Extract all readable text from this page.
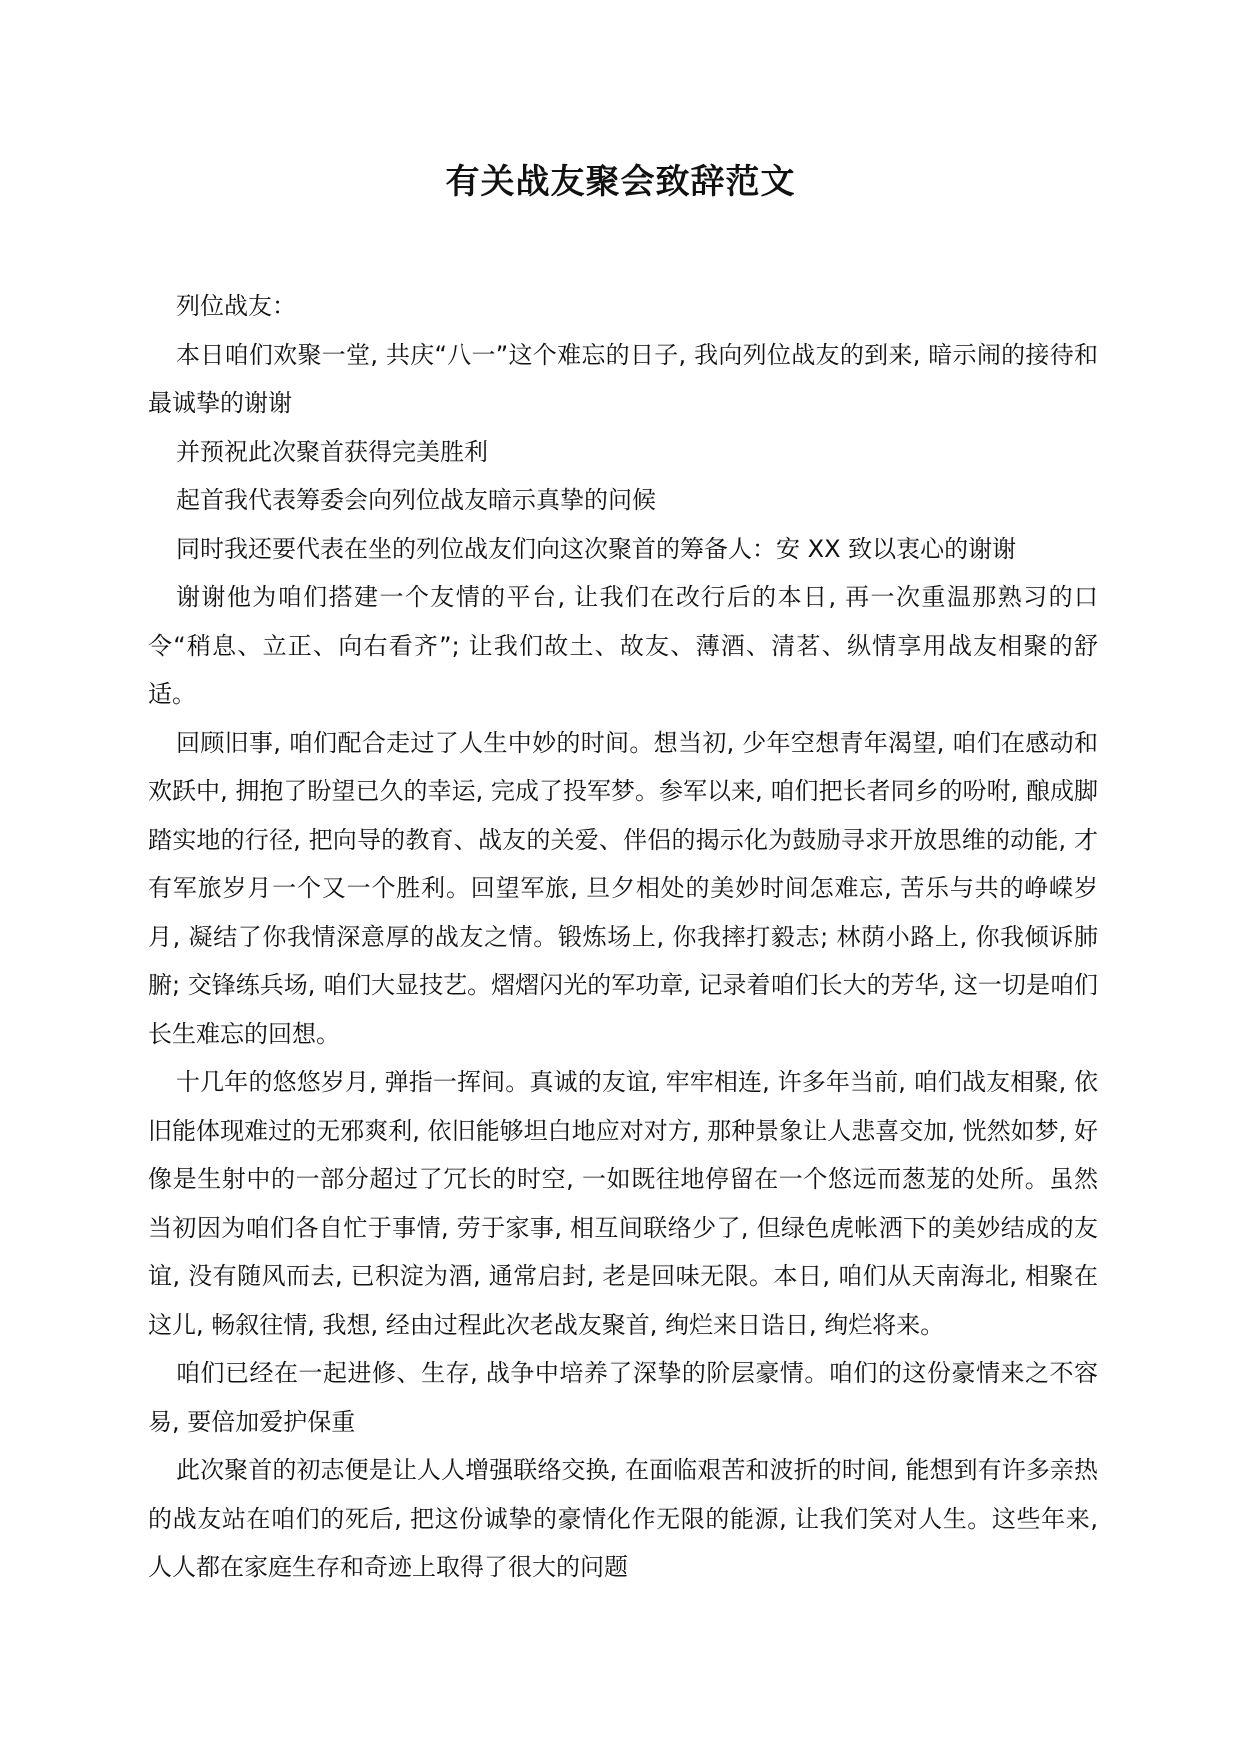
有关战友聚会致辞范文

列位战友：

本日咱们欢聚一堂, 共庆“八一”这个难忘的日子, 我向列位战友的到来, 暗示闹的接待和最诚挚的谢谢

并预祝此次聚首获得完美胜利

起首我代表筹委会向列位战友暗示真挚的问候

同时我还要代表在坐的列位战友们向这次聚首的筹备人：安 XX 致以衷心的谢谢

谢谢他为咱们搭建一个友情的平台, 让我们在改行后的本日, 再一次重温那熟习的口令“稍息、立正、向右看齐”; 让我们故土、故友、薄酒、清茗、纵情享用战友相聚的舒适。

回顾旧事, 咱们配合走过了人生中妙的时间。想当初, 少年空想青年渴望, 咱们在感动和欢跃中, 拥抱了盼望已久的幸运, 完成了投军梦。参军以来, 咱们把长者同乡的吩咐, 酿成脚踏实地的行径, 把向导的教育、战友的关爱、伴侣的揭示化为鼓励寻求开放思维的动能, 才有军旅岁月一个又一个胜利。回望军旅, 旦夕相处的美妙时间怎难忘, 苦乐与共的峥嵘岁月, 凝结了你我情深意厚的战友之情。锻炼场上, 你我摔打毅志; 林荫小路上, 你我倾诉肺腑; 交锋练兵场, 咱们大显技艺。熠熠闪光的军功章, 记录着咱们长大的芳华, 这一切是咱们长生难忘的回想。

十几年的悠悠岁月, 弹指一挥间。真诚的友谊, 牢牢相连, 许多年当前, 咱们战友相聚, 依旧能体现难过的无邪爽利, 依旧能够坦白地应对对方, 那种景象让人悲喜交加, 恍然如梦, 好像是生射中的一部分超过了冗长的时空, 一如既往地停留在一个悠远而葱茏的处所。虽然当初因为咱们各自忙于事情, 劳于家事, 相互间联络少了, 但绿色虎帐洒下的美妙结成的友谊, 没有随风而去, 已积淀为酒, 通常启封, 老是回味无限。本日, 咱们从天南海北, 相聚在这儿, 畅叙往情, 我想, 经由过程此次老战友聚首, 绚烂来日诰日, 绚烂将来。

咱们已经在一起进修、生存, 战争中培养了深挚的阶层豪情。咱们的这份豪情来之不容易, 要倍加爱护保重

此次聚首的初志便是让人人增强联络交换, 在面临艰苦和波折的时间, 能想到有许多亲热的战友站在咱们的死后, 把这份诚挚的豪情化作无限的能源, 让我们笑对人生。这些年来, 人人都在家庭生存和奇迹上取得了很大的问题
